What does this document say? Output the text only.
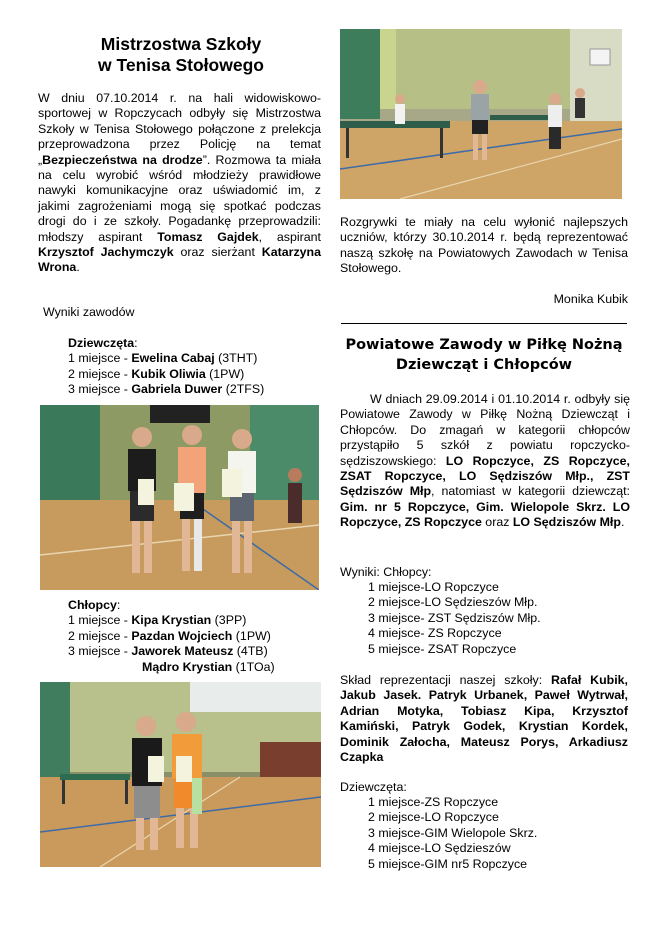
Mistrzostwa Szkoły
w Tenisa Stołowego
W dniu 07.10.2014 r. na hali widowiskowo-sportowej w Ropczycach odbyły się Mistrzostwa Szkoły w Tenisa Stołowego połączone z prelekcja przeprowadzona przez Policję na temat „Bezpieczeństwa na drodze”. Rozmowa ta miała na celu wyrobić wśród młodzieży prawidłowe nawyki komunikacyjne oraz uświadomić im, z jakimi zagrożeniami mogą się spotkać podczas drogi do i ze szkoły. Pogadankę przeprowadzili: młodszy aspirant Tomasz Gajdek, aspirant Krzysztof Jachymczyk oraz sierżant Katarzyna Wrona.
Wyniki zawodów
Dziewczęta:
1 miejsce - Ewelina Cabaj (3THT)
2 miejsce - Kubik Oliwia (1PW)
3 miejsce - Gabriela Duwer (2TFS)
Chłopcy:
1 miejsce - Kipa Krystian (3PP)
2 miejsce - Pazdan Wojciech (1PW)
3 miejsce - Jaworek Mateusz (4TB)
Mądro Krystian (1TOa)
Rozgrywki te miały na celu wyłonić najlepszych uczniów, którzy 30.10.2014 r. będą reprezentować naszą szkołę na Powiatowych Zawodach w Tenisa Stołowego.
Monika Kubik
Powiatowe Zawody w Piłkę Nożną
Dziewcząt i Chłopców
W dniach 29.09.2014 i 01.10.2014 r. odbyły się Powiatowe Zawody w Piłkę Nożną Dziewcząt i Chłopców. Do zmagań w kategorii chłopców przystąpiło 5 szkół z powiatu ropczycko-sędziszowskiego: LO Ropczyce, ZS Ropczyce, ZSAT Ropczyce, LO Sędziszów Młp., ZST Sędziszów Młp, natomiast w kategorii dziewcząt: Gim. nr 5 Ropczyce, Gim. Wielopole Skrz. LO Ropczyce, ZS Ropczyce oraz LO Sędziszów Młp.
Wyniki: Chłopcy:
1 miejsce-LO Ropczyce
2 miejsce-LO Sędzieszów Młp.
3 miejsce- ZST Sędziszów Młp.
4 miejsce- ZS Ropczyce
5 miejsce- ZSAT Ropczyce
Skład reprezentacji naszej szkoły: Rafał Kubik, Jakub Jasek. Patryk Urbanek, Paweł Wytrwał, Adrian Motyka, Tobiasz Kipa, Krzysztof Kamiński, Patryk Godek, Krystian Kordek, Dominik Załocha, Mateusz Porys, Arkadiusz Czapka
Dziewczęta:
1 miejsce-ZS Ropczyce
2 miejsce-LO Ropczyce
3 miejsce-GIM Wielopole Skrz.
4 miejsce-LO Sędzieszów
5 miejsce-GIM nr5 Ropczyce
